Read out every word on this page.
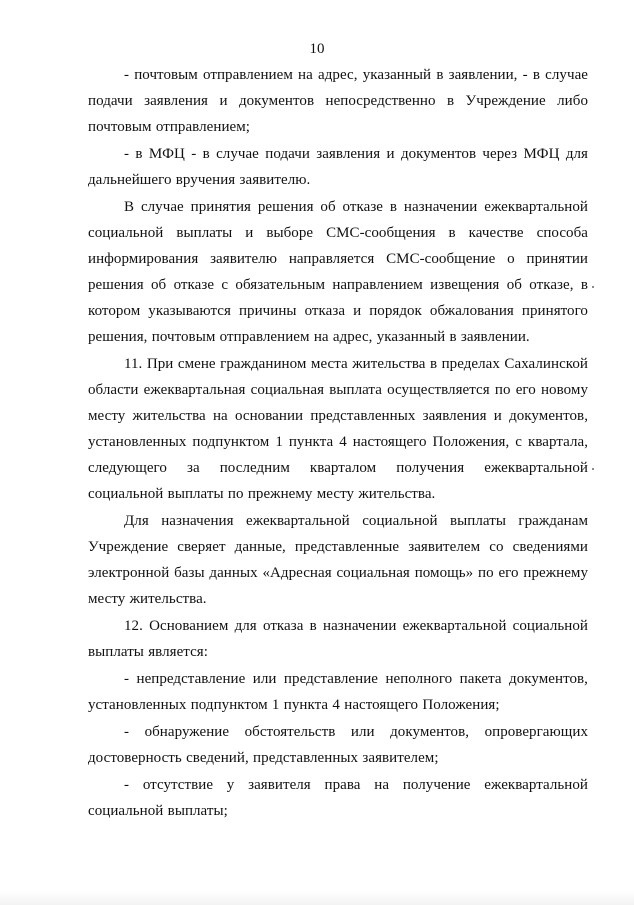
10

- почтовым отправлением на адрес, указанный в заявлении, - в случае подачи заявления и документов непосредственно в Учреждение либо почтовым отправлением;

- в МФЦ - в случае подачи заявления и документов через МФЦ для дальнейшего вручения заявителю.

В случае принятия решения об отказе в назначении ежеквартальной социальной выплаты и выборе СМС-сообщения в качестве способа информирования заявителю направляется СМС-сообщение о принятии решения об отказе с обязательным направлением извещения об отказе, в котором указываются причины отказа и порядок обжалования принятого решения, почтовым отправлением на адрес, указанный в заявлении.

11. При смене гражданином места жительства в пределах Сахалинской области ежеквартальная социальная выплата осуществляется по его новому месту жительства на основании представленных заявления и документов, установленных подпунктом 1 пункта 4 настоящего Положения, с квартала, следующего за последним кварталом получения ежеквартальной социальной выплаты по прежнему месту жительства.

Для назначения ежеквартальной социальной выплаты гражданам Учреждение сверяет данные, представленные заявителем со сведениями электронной базы данных «Адресная социальная помощь» по его прежнему месту жительства.

12. Основанием для отказа в назначении ежеквартальной социальной выплаты является:

- непредставление или представление неполного пакета документов, установленных подпунктом 1 пункта 4 настоящего Положения;

- обнаружение обстоятельств или документов, опровергающих достоверность сведений, представленных заявителем;

- отсутствие у заявителя права на получение ежеквартальной социальной выплаты;
